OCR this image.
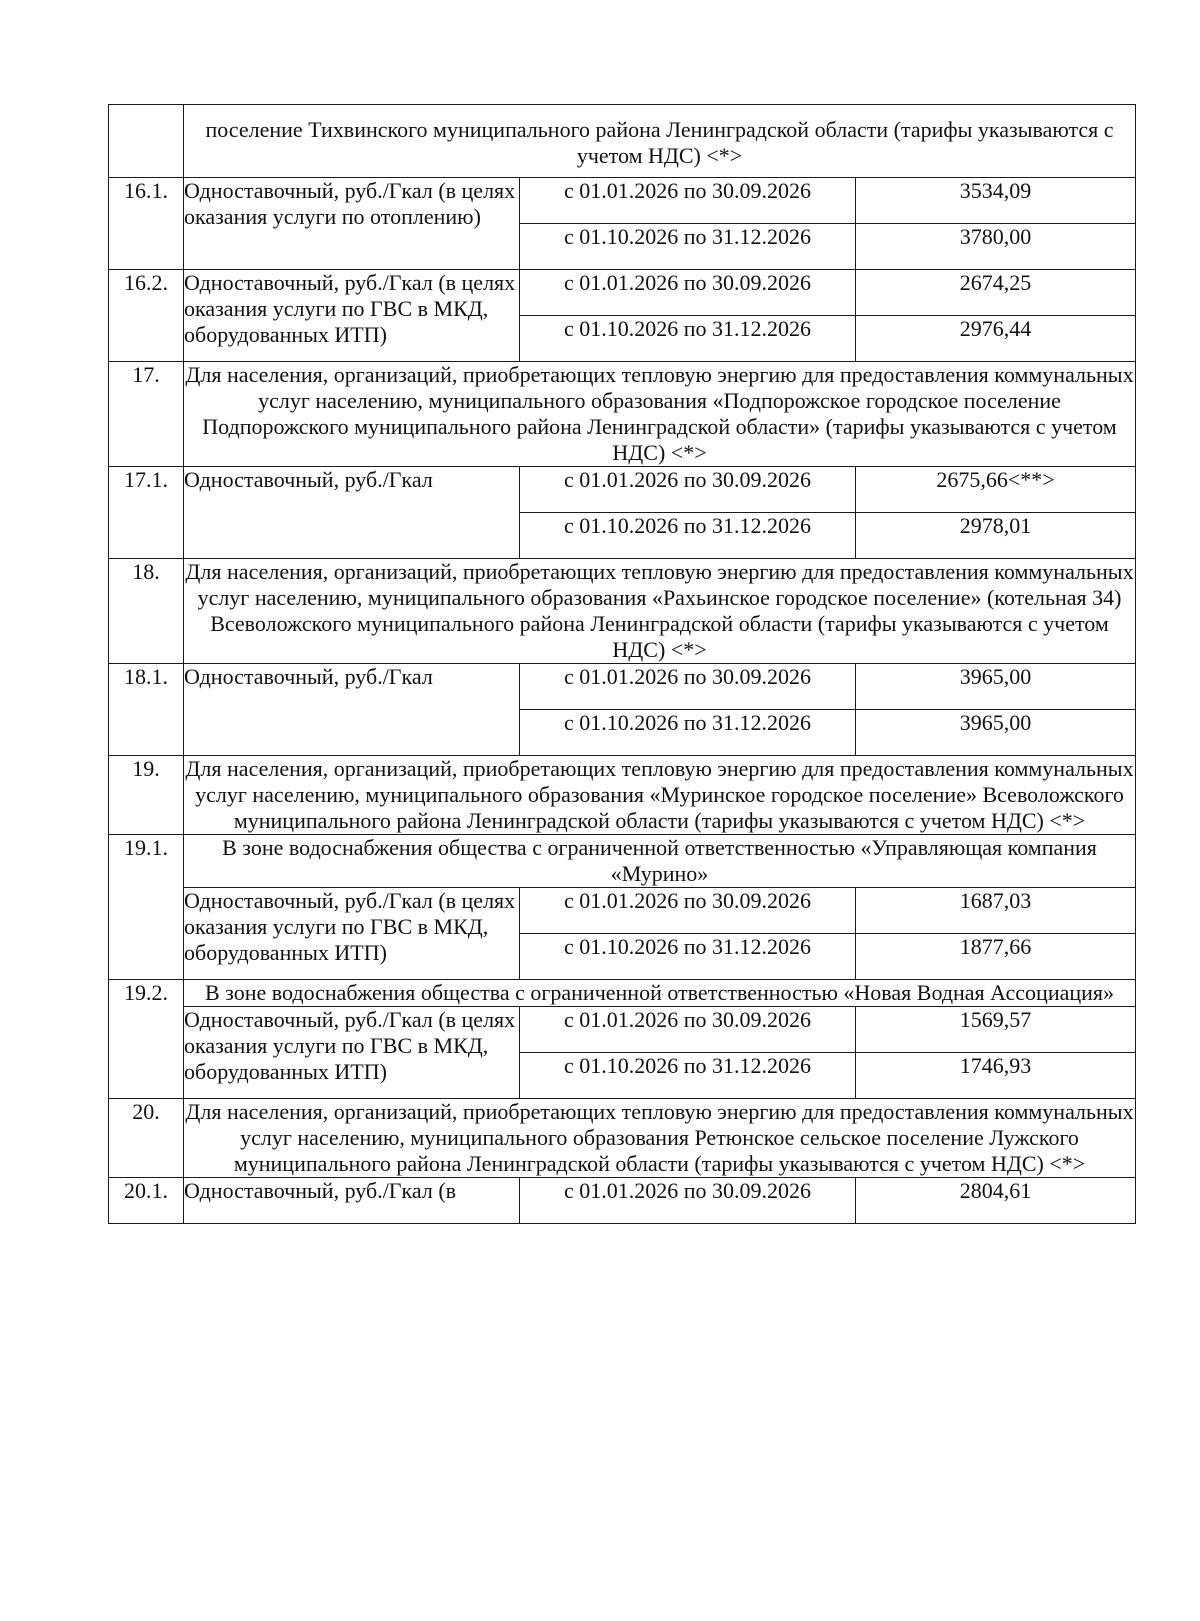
	поселение Тихвинского муниципального района Ленинградской области (тарифы указываются с учетом НДС) <*>		
16.1.	Одноставочный, руб./Гкал (в целях оказания услуги по отоплению)	с 01.01.2026 по 30.09.2026	3534,09
		с 01.10.2026 по 31.12.2026	3780,00
16.2.	Одноставочный, руб./Гкал (в целях оказания услуги по ГВС в МКД, оборудованных ИТП)	с 01.01.2026 по 30.09.2026	2674,25
		с 01.10.2026 по 31.12.2026	2976,44
17.	Для населения, организаций, приобретающих тепловую энергию для предоставления коммунальных услуг населению, муниципального образования «Подпорожское городское поселение Подпорожского муниципального района Ленинградской области» (тарифы указываются с учетом НДС) <*>		
17.1.	Одноставочный, руб./Гкал	с 01.01.2026 по 30.09.2026	2675,66<**>
		с 01.10.2026 по 31.12.2026	2978,01
18.	Для населения, организаций, приобретающих тепловую энергию для предоставления коммунальных услуг населению, муниципального образования «Рахьинское городское поселение» (котельная 34) Всеволожского муниципального района Ленинградской области (тарифы указываются с учетом НДС) <*>		
18.1.	Одноставочный, руб./Гкал	с 01.01.2026 по 30.09.2026	3965,00
		с 01.10.2026 по 31.12.2026	3965,00
19.	Для населения, организаций, приобретающих тепловую энергию для предоставления коммунальных услуг населению, муниципального образования «Муринское городское поселение» Всеволожского муниципального района Ленинградской области (тарифы указываются с учетом НДС) <*>		
19.1.	В зоне водоснабжения общества с ограниченной ответственностью «Управляющая компания «Мурино»		
	Одноставочный, руб./Гкал (в целях оказания услуги по ГВС в МКД, оборудованных ИТП)	с 01.01.2026 по 30.09.2026	1687,03
		с 01.10.2026 по 31.12.2026	1877,66
19.2.	В зоне водоснабжения общества с ограниченной ответственностью «Новая Водная Ассоциация»		
	Одноставочный, руб./Гкал (в целях оказания услуги по ГВС в МКД, оборудованных ИТП)	с 01.01.2026 по 30.09.2026	1569,57
		с 01.10.2026 по 31.12.2026	1746,93
20.	Для населения, организаций, приобретающих тепловую энергию для предоставления коммунальных услуг населению, муниципального образования Ретюнское сельское поселение Лужского муниципального района Ленинградской области (тарифы указываются с учетом НДС) <*>		
20.1.	Одноставочный, руб./Гкал (в	с 01.01.2026 по 30.09.2026	2804,61
